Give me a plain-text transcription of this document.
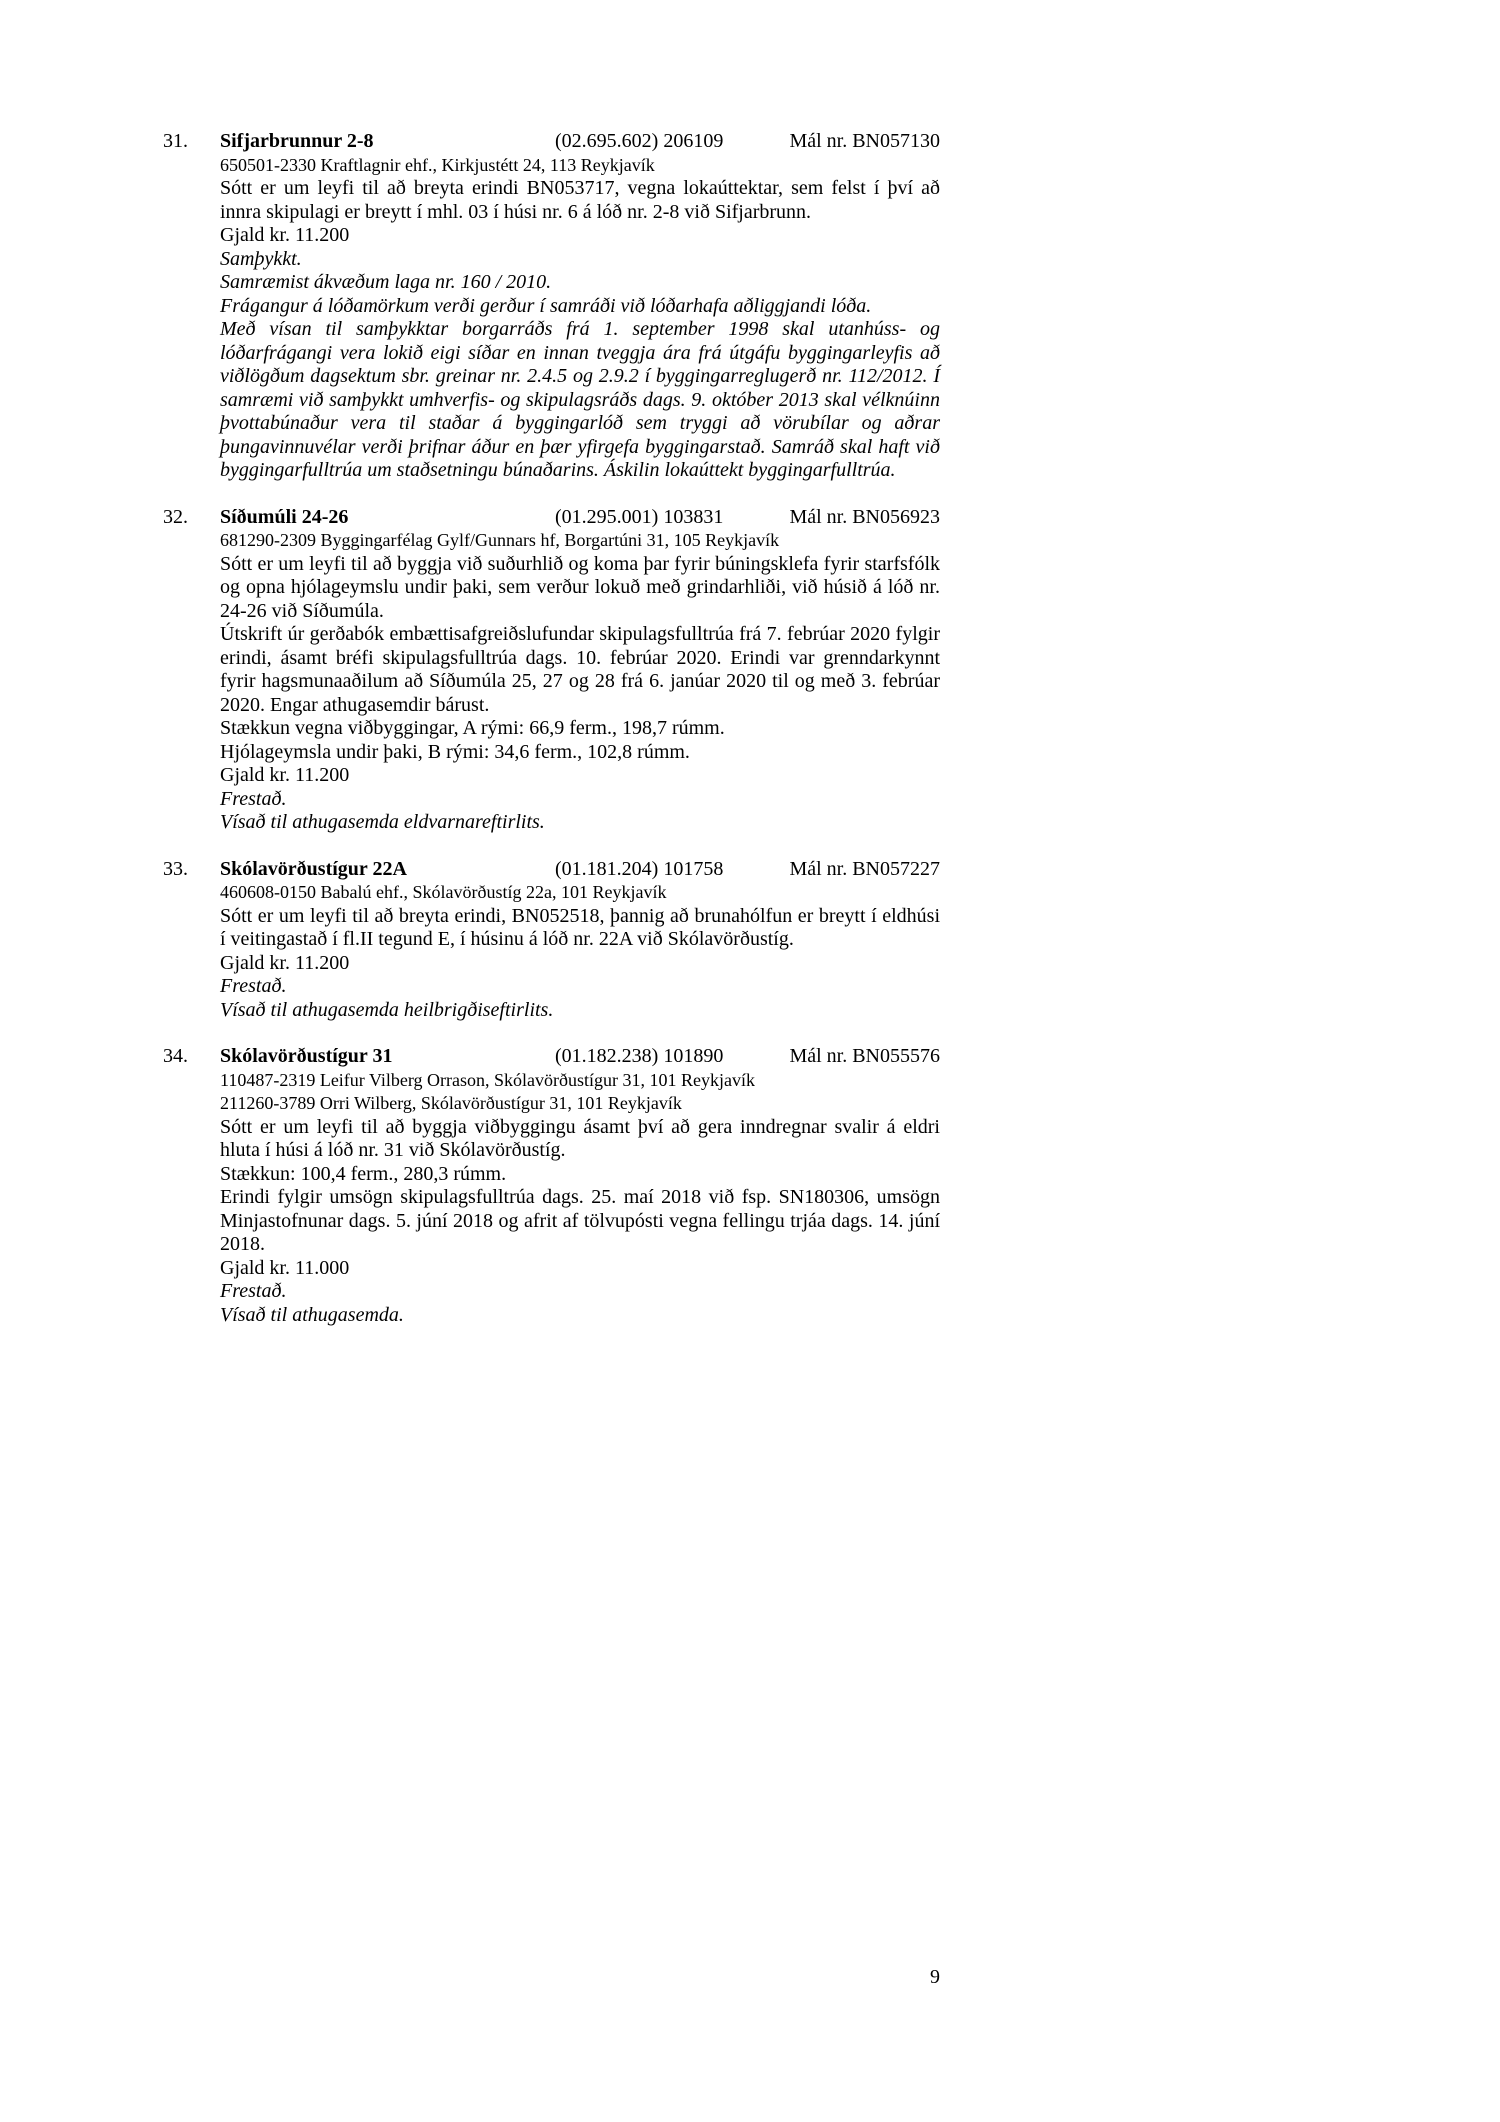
31.	Sifjarbrunnur 2-8	(02.695.602) 206109	Mál nr. BN057130

650501-2330 Kraftlagnir ehf., Kirkjustétt 24, 113 Reykjavík

Sótt er um leyfi til að breyta erindi BN053717, vegna lokaúttektar, sem felst í því að innra skipulagi er breytt í mhl. 03 í húsi nr. 6 á lóð nr. 2-8 við Sifjarbrunn.

Gjald kr. 11.200

Samþykkt.

Samræmist ákvæðum laga nr. 160 / 2010.

Frágangur á lóðamörkum verði gerður í samráði við lóðarhafa aðliggjandi lóða.

Með vísan til samþykktar borgarráðs frá 1. september 1998 skal utanhúss- og lóðarfrágangi vera lokið eigi síðar en innan tveggja ára frá útgáfu byggingarleyfis að viðlögðum dagsektum sbr. greinar nr. 2.4.5 og 2.9.2 í byggingarreglugerð nr. 112/2012. Í samræmi við samþykkt umhverfis- og skipulagsráðs dags. 9. október 2013 skal vélknúinn þvottabúnaður vera til staðar á byggingarlóð sem tryggi að vörubílar og aðrar þungavinnuvélar verði þrifnar áður en þær yfirgefa byggingarstað. Samráð skal haft við byggingarfulltrúa um staðsetningu búnaðarins. Áskilin lokaúttekt byggingarfulltrúa.

32.	Síðumúli 24-26	(01.295.001) 103831	Mál nr. BN056923

681290-2309 Byggingarfélag Gylf/Gunnars hf, Borgartúni 31, 105 Reykjavík

Sótt er um leyfi til að byggja við suðurhlið og koma þar fyrir búningsklefa fyrir starfsfólk og opna hjólageymslu undir þaki, sem verður lokuð með grindarhliði, við húsið á lóð nr. 24-26 við Síðumúla.

Útskrift úr gerðabók embættisafgreiðslufundar skipulagsfulltrúa frá 7. febrúar 2020 fylgir erindi, ásamt bréfi skipulagsfulltrúa dags. 10. febrúar 2020. Erindi var grenndarkynnt fyrir hagsmunaaðilum að Síðumúla 25, 27 og 28 frá 6. janúar 2020 til og með 3. febrúar 2020. Engar athugasemdir bárust.

Stækkun vegna viðbyggingar, A rými: 66,9 ferm., 198,7 rúmm.

Hjólageymsla undir þaki, B rými: 34,6 ferm., 102,8 rúmm.

Gjald kr. 11.200

Frestað.

Vísað til athugasemda eldvarnareftirlits.

33.	Skólavörðustígur 22A	(01.181.204) 101758	Mál nr. BN057227

460608-0150 Babalú ehf., Skólavörðustíg 22a, 101 Reykjavík

Sótt er um leyfi til að breyta erindi, BN052518, þannig að brunahólfun er breytt í eldhúsi í veitingastað í fl.II tegund E, í húsinu á lóð nr. 22A við Skólavörðustíg.

Gjald kr. 11.200

Frestað.

Vísað til athugasemda heilbrigðiseftirlits.

34.	Skólavörðustígur 31	(01.182.238) 101890	Mál nr. BN055576

110487-2319 Leifur Vilberg Orrason, Skólavörðustígur 31, 101 Reykjavík

211260-3789 Orri Wilberg, Skólavörðustígur 31, 101 Reykjavík

Sótt er um leyfi til að byggja viðbyggingu ásamt því að gera inndregnar svalir á eldri hluta í húsi á lóð nr. 31 við Skólavörðustíg.

Stækkun: 100,4 ferm., 280,3 rúmm.

Erindi fylgir umsögn skipulagsfulltrúa dags. 25. maí 2018 við fsp. SN180306, umsögn Minjastofnunar dags. 5. júní 2018 og afrit af tölvupósti vegna fellingu trjáa dags. 14. júní 2018.

Gjald kr. 11.000

Frestað.

Vísað til athugasemda.

9
